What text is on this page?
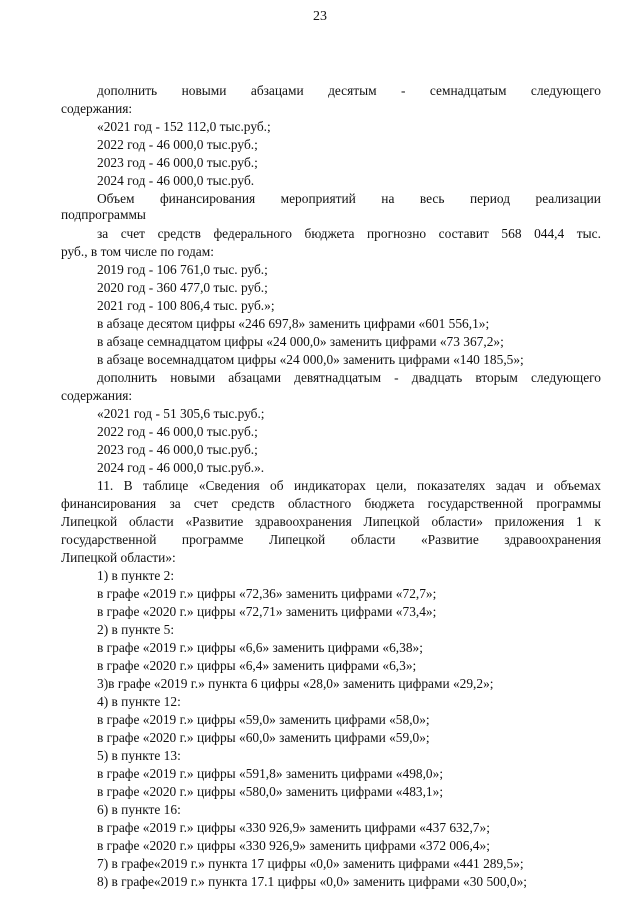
23
дополнить новыми абзацами десятым - семнадцатым следующего
содержания:
«2021 год - 152 112,0 тыс.руб.;
2022 год - 46 000,0 тыс.руб.;
2023 год - 46 000,0 тыс.руб.;
2024 год - 46 000,0 тыс.руб.
Объем финансирования мероприятий на весь период реализации
подпрограммы
за счет средств федерального бюджета прогнозно составит 568 044,4 тыс.
руб., в том числе по годам:
2019 год - 106 761,0 тыс. руб.;
2020 год - 360 477,0 тыс. руб.;
2021 год - 100 806,4 тыс. руб.»;
в абзаце десятом цифры «246 697,8» заменить цифрами «601 556,1»;
в абзаце семнадцатом цифры «24 000,0» заменить цифрами «73 367,2»;
в абзаце восемнадцатом цифры «24 000,0» заменить цифрами «140 185,5»;
дополнить новыми абзацами девятнадцатым - двадцать вторым следующего
содержания:
«2021 год - 51 305,6 тыс.руб.;
2022 год - 46 000,0 тыс.руб.;
2023 год - 46 000,0 тыс.руб.;
2024 год - 46 000,0 тыс.руб.».
11. В таблице «Сведения об индикаторах цели, показателях задач и объемах
финансирования за счет средств областного бюджета государственной программы
Липецкой области «Развитие здравоохранения Липецкой области» приложения 1 к
государственной программе Липецкой области «Развитие здравоохранения
Липецкой области»:
1) в пункте 2:
в графе «2019 г.» цифры «72,36» заменить цифрами «72,7»;
в графе «2020 г.» цифры «72,71» заменить цифрами «73,4»;
2) в пункте 5:
в графе «2019 г.» цифры «6,6» заменить цифрами «6,38»;
в графе «2020 г.» цифры «6,4» заменить цифрами «6,3»;
3)в графе «2019 г.» пункта 6 цифры «28,0» заменить цифрами «29,2»;
4) в пункте 12:
в графе «2019 г.» цифры «59,0» заменить цифрами «58,0»;
в графе «2020 г.» цифры «60,0» заменить цифрами «59,0»;
5) в пункте 13:
в графе «2019 г.» цифры «591,8» заменить цифрами «498,0»;
в графе «2020 г.» цифры «580,0» заменить цифрами «483,1»;
6) в пункте 16:
в графе «2019 г.» цифры «330 926,9» заменить цифрами «437 632,7»;
в графе «2020 г.» цифры «330 926,9» заменить цифрами «372 006,4»;
7) в графе«2019 г.» пункта 17 цифры «0,0» заменить цифрами «441 289,5»;
8) в графе«2019 г.» пункта 17.1 цифры «0,0» заменить цифрами «30 500,0»;
